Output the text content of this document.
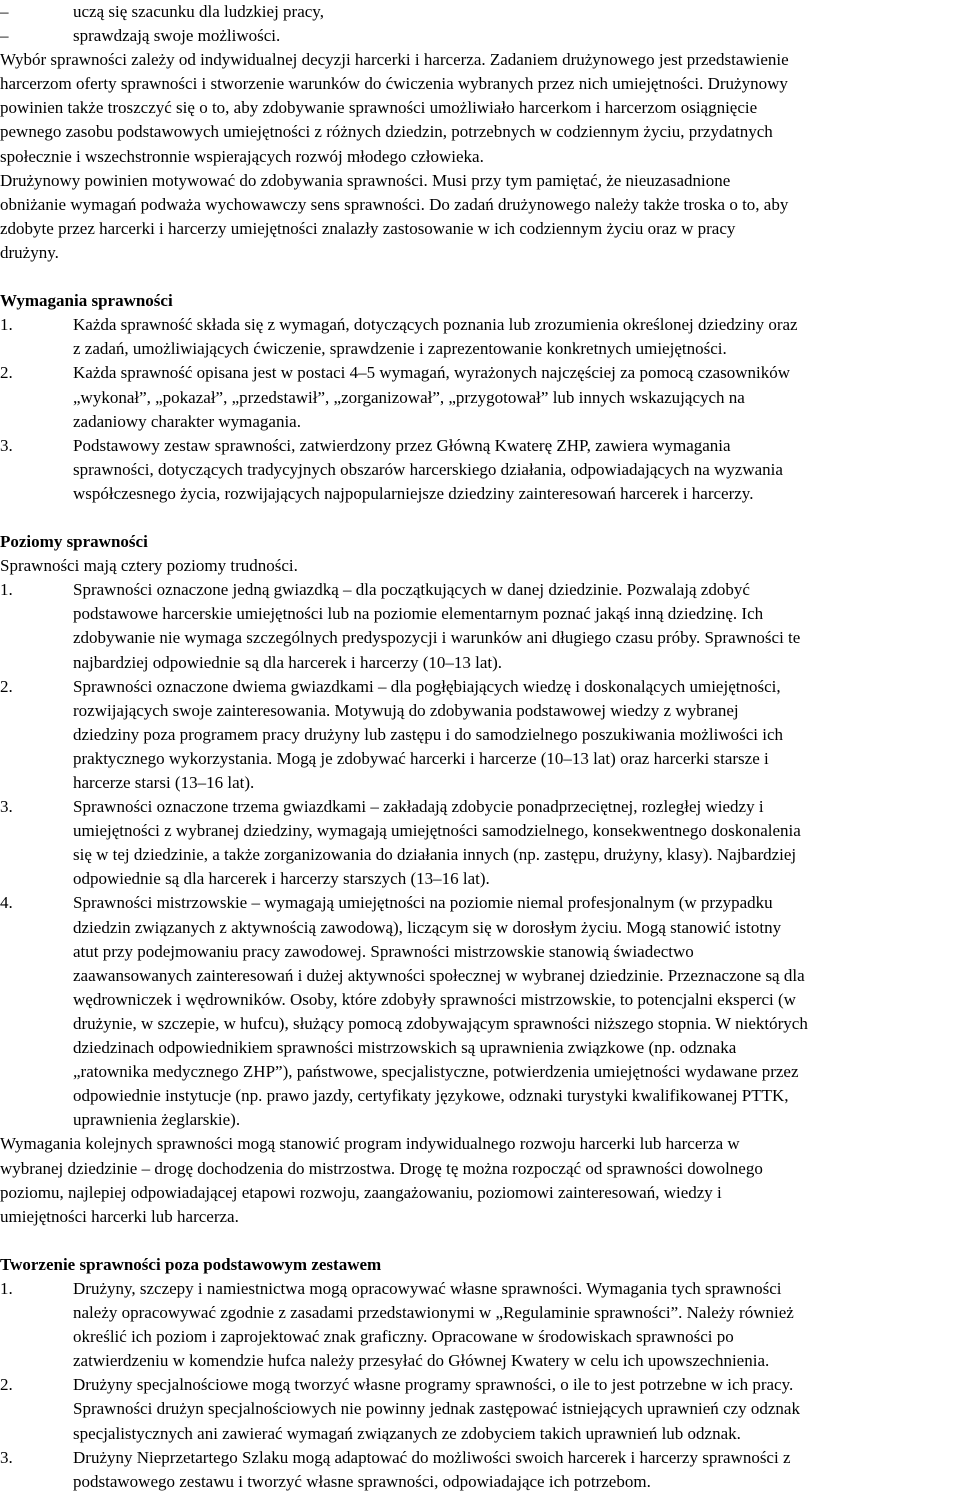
–	uczą się szacunku dla ludzkiej pracy,
–	sprawdzają swoje możliwości.
Wybór sprawności zależy od indywidualnej decyzji harcerki i harcerza. Zadaniem drużynowego jest przedstawienie
harcerzom oferty sprawności i stworzenie warunków do ćwiczenia wybranych przez nich umiejętności. Drużynowy
powinien także troszczyć się o to, aby zdobywanie sprawności umożliwiało harcerkom i harcerzom osiągnięcie
pewnego zasobu podstawowych umiejętności z różnych dziedzin, potrzebnych w codziennym życiu, przydatnych
społecznie i wszechstronnie wspierających rozwój młodego człowieka.
Drużynowy powinien motywować do zdobywania sprawności. Musi przy tym pamiętać, że nieuzasadnione
obniżanie wymagań podważa wychowawczy sens sprawności. Do zadań drużynowego należy także troska o to, aby
zdobyte przez harcerki i harcerzy umiejętności znalazły zastosowanie w ich codziennym życiu oraz w pracy
drużyny.
Wymagania sprawności
1.	Każda sprawność składa się z wymagań, dotyczących poznania lub zrozumienia określonej dziedziny oraz
z zadań, umożliwiających ćwiczenie, sprawdzenie i zaprezentowanie konkretnych umiejętności.
2.	Każda sprawność opisana jest w postaci 4–5 wymagań, wyrażonych najczęściej za pomocą czasowników
„wykonał”, „pokazał”, „przedstawił”, „zorganizował”, „przygotował” lub innych wskazujących na
zadaniowy charakter wymagania.
3.	Podstawowy zestaw sprawności, zatwierdzony przez Główną Kwaterę ZHP, zawiera wymagania
sprawności, dotyczących tradycyjnych obszarów harcerskiego działania, odpowiadających na wyzwania
współczesnego życia, rozwijających najpopularniejsze dziedziny zainteresowań harcerek i harcerzy.
Poziomy sprawności
Sprawności mają cztery poziomy trudności.
1.	Sprawności oznaczone jedną gwiazdką – dla początkujących w danej dziedzinie. Pozwalają zdobyć
podstawowe harcerskie umiejętności lub na poziomie elementarnym poznać jakąś inną dziedzinę. Ich
zdobywanie nie wymaga szczególnych predyspozycji i warunków ani długiego czasu próby. Sprawności te
najbardziej odpowiednie są dla harcerek i harcerzy (10–13 lat).
2.	Sprawności oznaczone dwiema gwiazdkami – dla pogłębiających wiedzę i doskonalących umiejętności,
rozwijających swoje zainteresowania. Motywują do zdobywania podstawowej wiedzy z wybranej
dziedziny poza programem pracy drużyny lub zastępu i do samodzielnego poszukiwania możliwości ich
praktycznego wykorzystania. Mogą je zdobywać harcerki i harcerze (10–13 lat) oraz harcerki starsze i
harcerze starsi (13–16 lat).
3.	Sprawności oznaczone trzema gwiazdkami – zakładają zdobycie ponadprzeciętnej, rozległej wiedzy i
umiejętności z wybranej dziedziny, wymagają umiejętności samodzielnego, konsekwentnego doskonalenia
się w tej dziedzinie, a także zorganizowania do działania innych (np. zastępu, drużyny, klasy). Najbardziej
odpowiednie są dla harcerek i harcerzy starszych (13–16 lat).
4.	Sprawności mistrzowskie – wymagają umiejętności na poziomie niemal profesjonalnym (w przypadku
dziedzin związanych z aktywnością zawodową), liczącym się w dorosłym życiu. Mogą stanowić istotny
atut przy podejmowaniu pracy zawodowej. Sprawności mistrzowskie stanowią świadectwo
zaawansowanych zainteresowań i dużej aktywności społecznej w wybranej dziedzinie. Przeznaczone są dla
wędrowniczek i wędrowników. Osoby, które zdobyły sprawności mistrzowskie, to potencjalni eksperci (w
drużynie, w szczepie, w hufcu), służący pomocą zdobywającym sprawności niższego stopnia. W niektórych
dziedzinach odpowiednikiem sprawności mistrzowskich są uprawnienia związkowe (np. odznaka
„ratownika medycznego ZHP”), państwowe, specjalistyczne, potwierdzenia umiejętności wydawane przez
odpowiednie instytucje (np. prawo jazdy, certyfikaty językowe, odznaki turystyki kwalifikowanej PTTK,
uprawnienia żeglarskie).
Wymagania kolejnych sprawności mogą stanowić program indywidualnego rozwoju harcerki lub harcerza w
wybranej dziedzinie – drogę dochodzenia do mistrzostwa. Drogę tę można rozpocząć od sprawności dowolnego
poziomu, najlepiej odpowiadającej etapowi rozwoju, zaangażowaniu, poziomowi zainteresowań, wiedzy i
umiejętności harcerki lub harcerza.
Tworzenie sprawności poza podstawowym zestawem
1.	Drużyny, szczepy i namiestnictwa mogą opracowywać własne sprawności. Wymagania tych sprawności
należy opracowywać zgodnie z zasadami przedstawionymi w „Regulaminie sprawności”. Należy również
określić ich poziom i zaprojektować znak graficzny. Opracowane w środowiskach sprawności po
zatwierdzeniu w komendzie hufca należy przesyłać do Głównej Kwatery w celu ich upowszechnienia.
2.	Drużyny specjalnościowe mogą tworzyć własne programy sprawności, o ile to jest potrzebne w ich pracy.
Sprawności drużyn specjalnościowych nie powinny jednak zastępować istniejących uprawnień czy odznak
specjalistycznych ani zawierać wymagań związanych ze zdobyciem takich uprawnień lub odznak.
3.	Drużyny Nieprzetartego Szlaku mogą adaptować do możliwości swoich harcerek i harcerzy sprawności z
podstawowego zestawu i tworzyć własne sprawności, odpowiadające ich potrzebom.
